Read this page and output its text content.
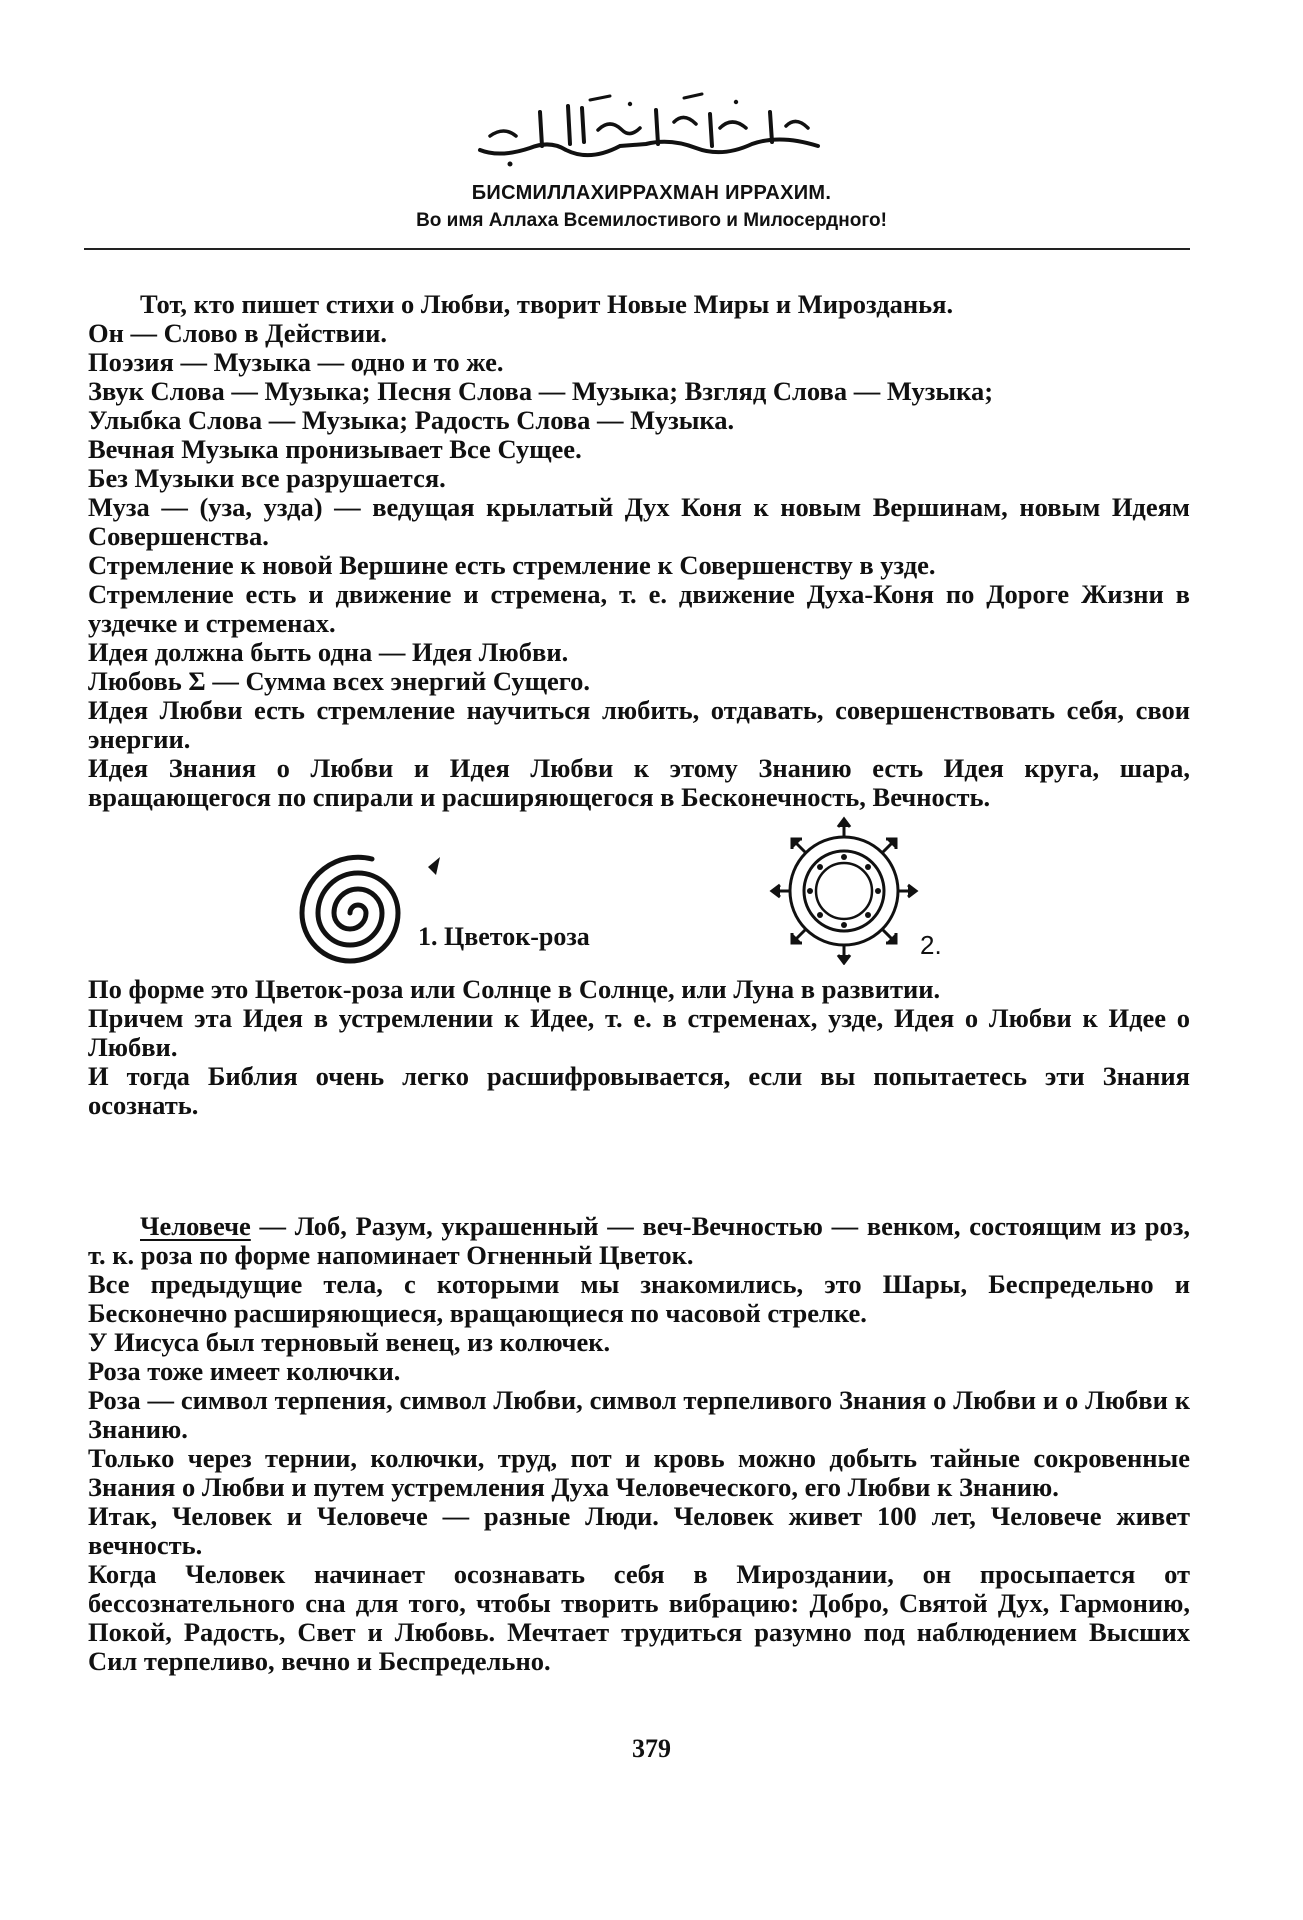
БИСМИЛЛАХИРРАХМАН ИРРАХИМ.
Во имя Аллаха Всемилостивого и Милосердного!

Тот, кто пишет стихи о Любви, творит Новые Миры и Мирозданья.

Он — Слово в Действии.

Поэзия — Музыка — одно и то же.

Звук Слова — Музыка; Песня Слова — Музыка; Взгляд Слова — Музыка;

Улыбка Слова — Музыка; Радость Слова — Музыка.

Вечная Музыка пронизывает Все Сущее.

Без Музыки все разрушается.

Муза — (уза, узда) — ведущая крылатый Дух Коня к новым Вершинам, новым Идеям Совершенства.

Стремление к новой Вершине есть стремление к Совершенству в узде.

Стремление есть и движение и стремена, т. е. движение Духа-Коня по Дороге Жизни в уздечке и стременах.

Идея должна быть одна — Идея Любви.

Любовь Σ — Сумма всех энергий Сущего.

Идея Любви есть стремление научиться любить, отдавать, совершенствовать себя, свои энергии.

Идея Знания о Любви и Идея Любви к этому Знанию есть Идея круга, шара, вращающегося по спирали и расширяющегося в Бесконечность, Вечность.

1. Цветок-роза	2.

По форме это Цветок-роза или Солнце в Солнце, или Луна в развитии.

Причем эта Идея в устремлении к Идее, т. е. в стременах, узде, Идея о Любви к Идее о Любви.

И тогда Библия очень легко расшифровывается, если вы попытаетесь эти Знания осознать.

Человече — Лоб, Разум, украшенный — веч-Вечностью — венком, состоящим из роз, т. к. роза по форме напоминает Огненный Цветок.

Все предыдущие тела, с которыми мы знакомились, это Шары, Беспредельно и Бесконечно расширяющиеся, вращающиеся по часовой стрелке.

У Иисуса был терновый венец, из колючек.

Роза тоже имеет колючки.

Роза — символ терпения, символ Любви, символ терпеливого Знания о Любви и о Любви к Знанию.

Только через тернии, колючки, труд, пот и кровь можно добыть тайные сокровенные Знания о Любви и путем устремления Духа Человеческого, его Любви к Знанию.

Итак, Человек и Человече — разные Люди. Человек живет 100 лет, Человече живет вечность.

Когда Человек начинает осознавать себя в Мироздании, он просыпается от бессознательного сна для того, чтобы творить вибрацию: Добро, Святой Дух, Гармонию, Покой, Радость, Свет и Любовь. Мечтает трудиться разумно под наблюдением Высших Сил терпеливо, вечно и Беспредельно.

379
